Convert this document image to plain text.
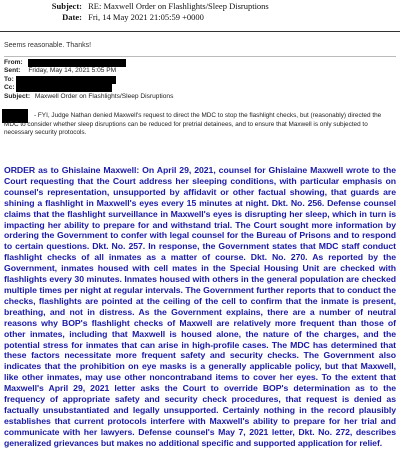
Subject: RE: Maxwell Order on Flashlights/Sleep Disruptions
Date: Fri, 14 May 2021 21:05:59 +0000
Seems reasonable. Thanks!
From:
Sent: Friday, May 14, 2021 5:05 PM
To:
Cc:
Subject: Maxwell Order on Flashlights/Sleep Disruptions
- FYI, Judge Nathan denied Maxwell's request to direct the MDC to stop the flashlight checks, but (reasonably) directed the MDC to consider whether sleep disruptions can be reduced for pretrial detainees, and to ensure that Maxwell is only subjected to necessary security protocols.
ORDER as to Ghislaine Maxwell: On April 29, 2021, counsel for Ghislaine Maxwell wrote to the Court requesting that the Court address her sleeping conditions, with particular emphasis on counsel's representation, unsupported by affidavit or other factual showing, that guards are shining a flashlight in Maxwell's eyes every 15 minutes at night. Dkt. No. 256. Defense counsel claims that the flashlight surveillance in Maxwell's eyes is disrupting her sleep, which in turn is impacting her ability to prepare for and withstand trial. The Court sought more information by ordering the Government to confer with legal counsel for the Bureau of Prisons and to respond to certain questions. Dkt. No. 257. In response, the Government states that MDC staff conduct flashlight checks of all inmates as a matter of course. Dkt. No. 270. As reported by the Government, inmates housed with cell mates in the Special Housing Unit are checked with flashlights every 30 minutes. Inmates housed with others in the general population are checked multiple times per night at regular intervals. The Government further reports that to conduct the checks, flashlights are pointed at the ceiling of the cell to confirm that the inmate is present, breathing, and not in distress. As the Government explains, there are a number of neutral reasons why BOP's flashlight checks of Maxwell are relatively more frequent than those of other inmates, including that Maxwell is housed alone, the nature of the charges, and the potential stress for inmates that can arise in high-profile cases. The MDC has determined that these factors necessitate more frequent safety and security checks. The Government also indicates that the prohibition on eye masks is a generally applicable policy, but that Maxwell, like other inmates, may use other noncontraband items to cover her eyes. To the extent that Maxwell's April 29, 2021 letter asks the Court to override BOP's determination as to the frequency of appropriate safety and security check procedures, that request is denied as factually unsubstantiated and legally unsupported. Certainly nothing in the record plausibly establishes that current protocols interfere with Maxwell's ability to prepare for her trial and communicate with her lawyers. Defense counsel's May 7, 2021 letter, Dkt. No. 272, describes generalized grievances but makes no additional specific and supported application for relief.
